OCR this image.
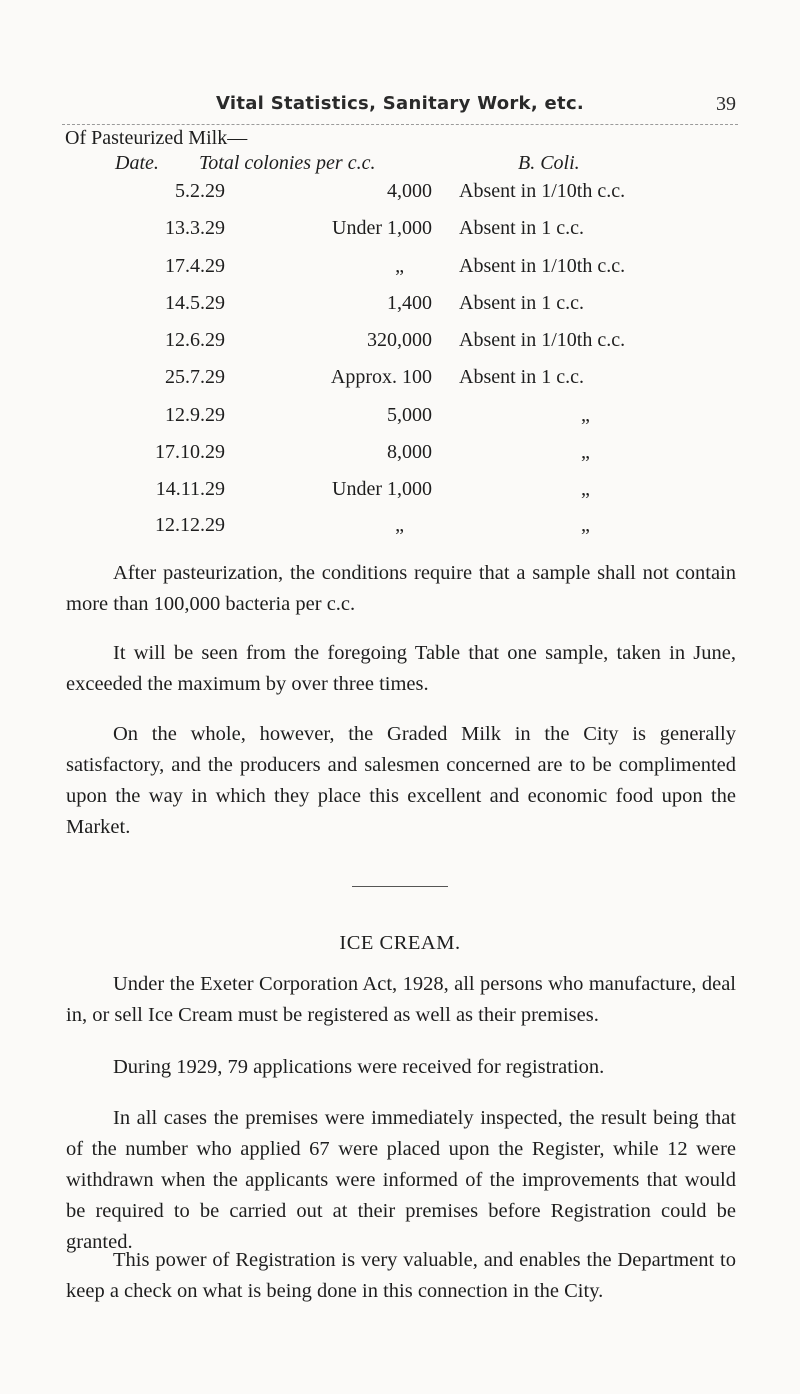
Vital Statistics, Sanitary Work, etc.	39
Of Pasteurized Milk—
Date. Total colonies per c.c.	B. Coli.
5.2.29	4,000 Absent in 1/10th c.c.
13.3.29	Under 1,000 Absent in 1 c.c.
17.4.29	„	Absent in 1/10th c.c.
14.5.29	1,400 Absent in 1 c.c.
12.6.29	320,000 Absent in 1/10th c.c.
25.7.29	Approx. 100 Absent in 1 c.c.
12.9.29	5,000	„
17.10.29	8,000	„
14.11.29	Under 1,000	„
12.12.29	„	„

After pasteurization, the conditions require that a sample shall not contain more than 100,000 bacteria per c.c.

It will be seen from the foregoing Table that one sample, taken in June, exceeded the maximum by over three times.

On the whole, however, the Graded Milk in the City is generally satisfactory, and the producers and salesmen concerned are to be complimented upon the way in which they place this excellent and economic food upon the Market.

ICE CREAM.

Under the Exeter Corporation Act, 1928, all persons who manufacture, deal in, or sell Ice Cream must be registered as well as their premises.

During 1929, 79 applications were received for registration.

In all cases the premises were immediately inspected, the result being that of the number who applied 67 were placed upon the Register, while 12 were withdrawn when the applicants were informed of the improvements that would be required to be carried out at their premises before Registration could be granted.

This power of Registration is very valuable, and enables the Department to keep a check on what is being done in this connection in the City.
